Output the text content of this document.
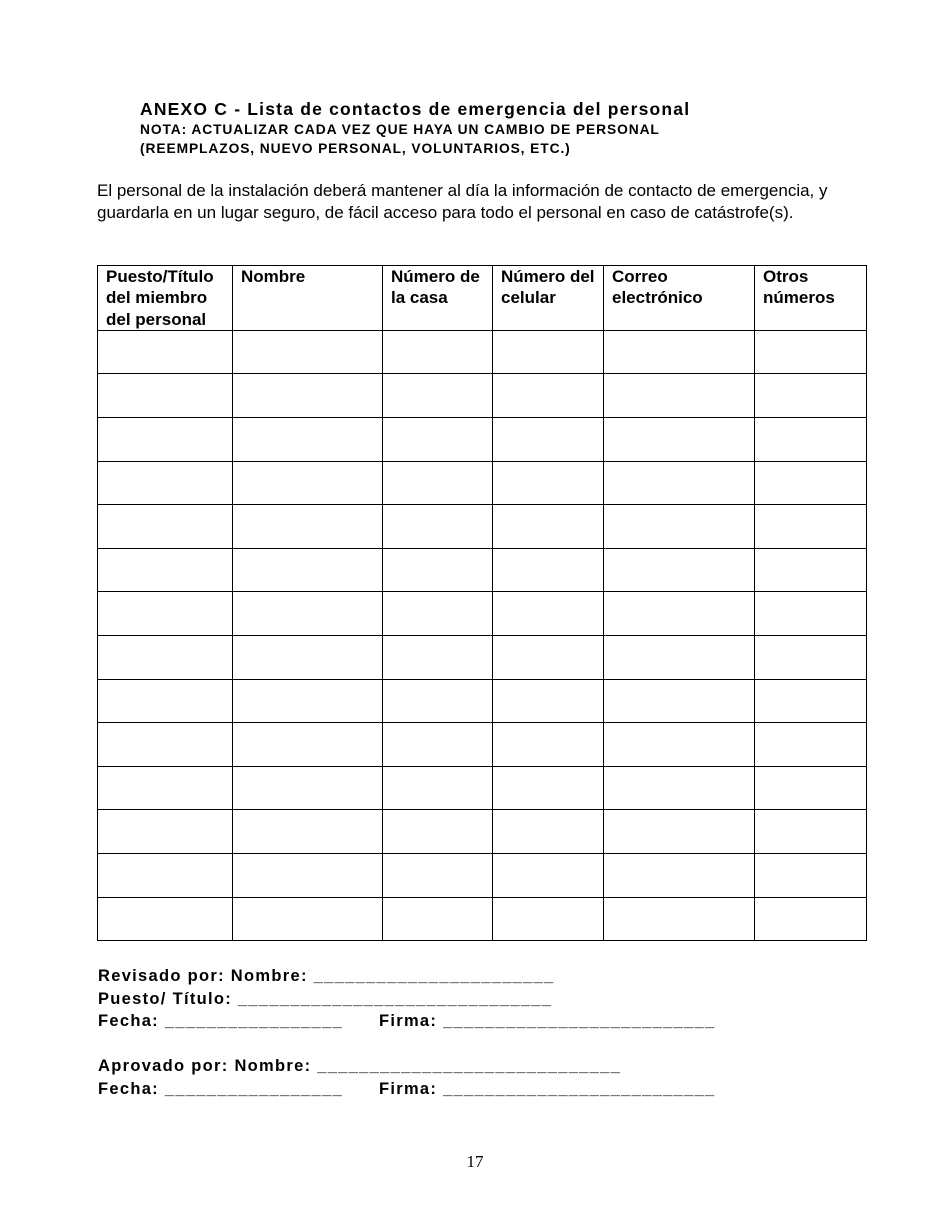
ANEXO C - Lista de contactos de emergencia del personal
NOTA: ACTUALIZAR CADA VEZ QUE HAYA UN CAMBIO DE PERSONAL
(REEMPLAZOS, NUEVO PERSONAL, VOLUNTARIOS, ETC.)
El personal de la instalación deberá mantener al día la información de contacto de emergencia, y guardarla en un lugar seguro, de fácil acceso para todo el personal en caso de catástrofe(s).
Puesto/Título del miembro del personal	Nombre	Número de la casa	Número del celular	Correo electrónico	Otros números

Revisado por: Nombre: _______________________
Puesto/ Título: ______________________________
Fecha: _________________ Firma: __________________________
Aprovado por: Nombre: _____________________________
Fecha: _________________ Firma: __________________________
17
